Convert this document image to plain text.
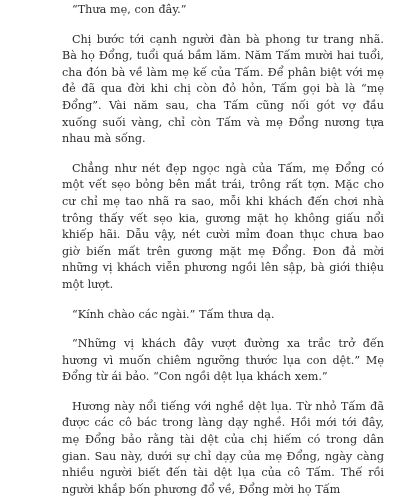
“Thưa mẹ, con đây.”

Chị bước tới cạnh người đàn bà phong tư trang nhã. Bà họ Đổng, tuổi quá bầm lăm. Năm Tấm mười hai tuổi, cha đón bà về làm mẹ kế của Tấm. Để phân biệt với mẹ đẻ đã qua đời khi chị còn đỏ hỏn, Tấm gọi bà là “mẹ Đổng”. Vài năm sau, cha Tấm cũng nối gót vợ đầu xuống suối vàng, chỉ còn Tấm và mẹ Đổng nương tựa nhau mà sống.

Chẳng như nét đẹp ngọc ngà của Tấm, mẹ Đổng có một vết sẹo bỏng bên mắt trái, trông rất tợn. Mặc cho cư chỉ mẹ tao nhã ra sao, mỗi khi khách đến chơi nhà trông thấy vết sẹo kia, gương mặt họ không giấu nổi khiếp hãi. Dẫu vậy, nét cười mỉm đoan thục chưa bao giờ biến mất trên gương mặt mẹ Đổng. Đon đả mời những vị khách viễn phương ngồi lên sập, bà giới thiệu một lượt.

“Kính chào các ngài.” Tấm thưa dạ.

“Những vị khách đây vượt đường xa trắc trở đến hương vì muốn chiêm ngưỡng thước lụa con dệt.” Mẹ Đổng từ ái bảo. “Con ngồi dệt lụa khách xem.”

Hương này nổi tiếng với nghề dệt lụa. Từ nhỏ Tấm đã được các cô bác trong làng dạy nghề. Hồi mới tới đây, mẹ Đổng bảo rằng tài dệt của chị hiếm có trong dân gian. Sau này, dưới sự chỉ dạy của mẹ Đổng, ngày càng nhiều người biết đến tài dệt lụa của cô Tấm. Thế rồi người khắp bốn phương đổ về, Đổng mời họ Tấm
